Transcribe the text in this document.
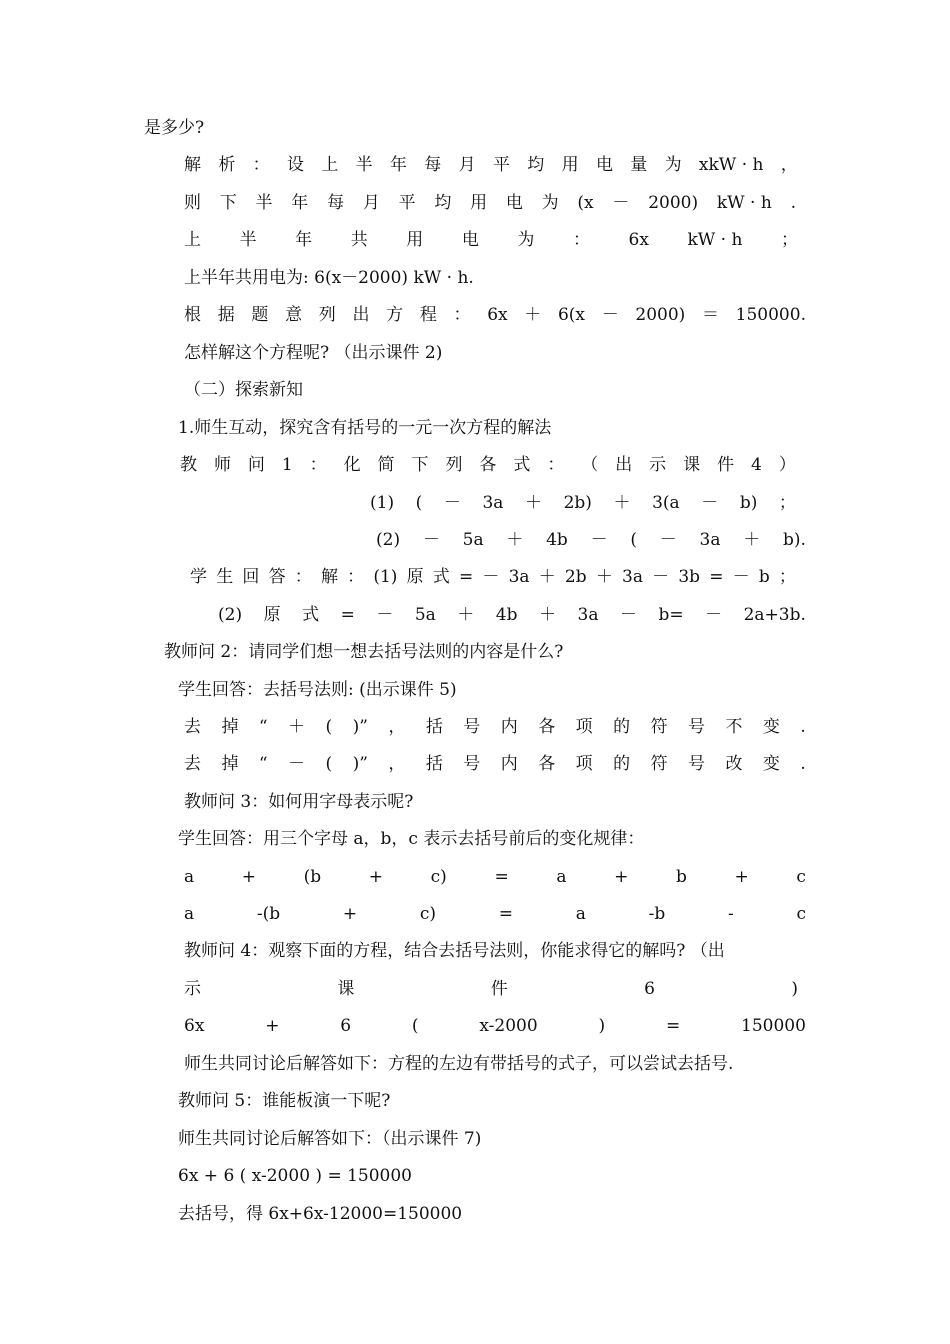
是多少?
解 析 ： 设 上 半 年 每 月 平 均 用 电 量 为 xkW · h ，
则 下 半 年 每 月 平 均 用 电 为 (x － 2000) kW · h .
上 半 年 共 用 电 为 ： 6x kW · h ；
上半年共用电为: 6(x－2000) kW · h.
根 据 题 意 列 出 方 程 ： 6x ＋ 6(x － 2000) ＝ 150000.
怎样解这个方程呢? （出示课件 2)
（二）探索新知
1.师生互动，探究含有括号的一元一次方程的解法
教 师 问 1 ： 化 简 下 列 各 式 ： （ 出 示 课 件 4 ）
(1) ( － 3a ＋ 2b) ＋ 3(a － b) ；
(2) － 5a ＋ 4b － ( － 3a ＋ b).
学 生 回 答 ： 解 ： (1) 原 式 = － 3a ＋ 2b ＋ 3a － 3b = － b ；
(2) 原 式 = － 5a ＋ 4b ＋ 3a － b= － 2a+3b.
教师问 2：请同学们想一想去括号法则的内容是什么?
学生回答：去括号法则: (出示课件 5)
去 掉 “ ＋ ( )” ， 括 号 内 各 项 的 符 号 不 变 .
去 掉 “ － ( )” ， 括 号 内 各 项 的 符 号 改 变 .
教师问 3：如何用字母表示呢?
学生回答：用三个字母 a，b，c 表示去括号前后的变化规律：
a	+	(b	+	c)	=	a	+	b	+	c
a	-(b	+	c)	=	a	-b	-	c
教师问 4：观察下面的方程，结合去括号法则，你能求得它的解吗? （出
示	课	件	6	)
6x	+	6	(	x-2000	)	=	150000
师生共同讨论后解答如下：方程的左边有带括号的式子，可以尝试去括号.
教师问 5：谁能板演一下呢?
师生共同讨论后解答如下：（出示课件 7)
6x + 6 ( x-2000 ) = 150000
去括号，得 6x+6x-12000=150000
